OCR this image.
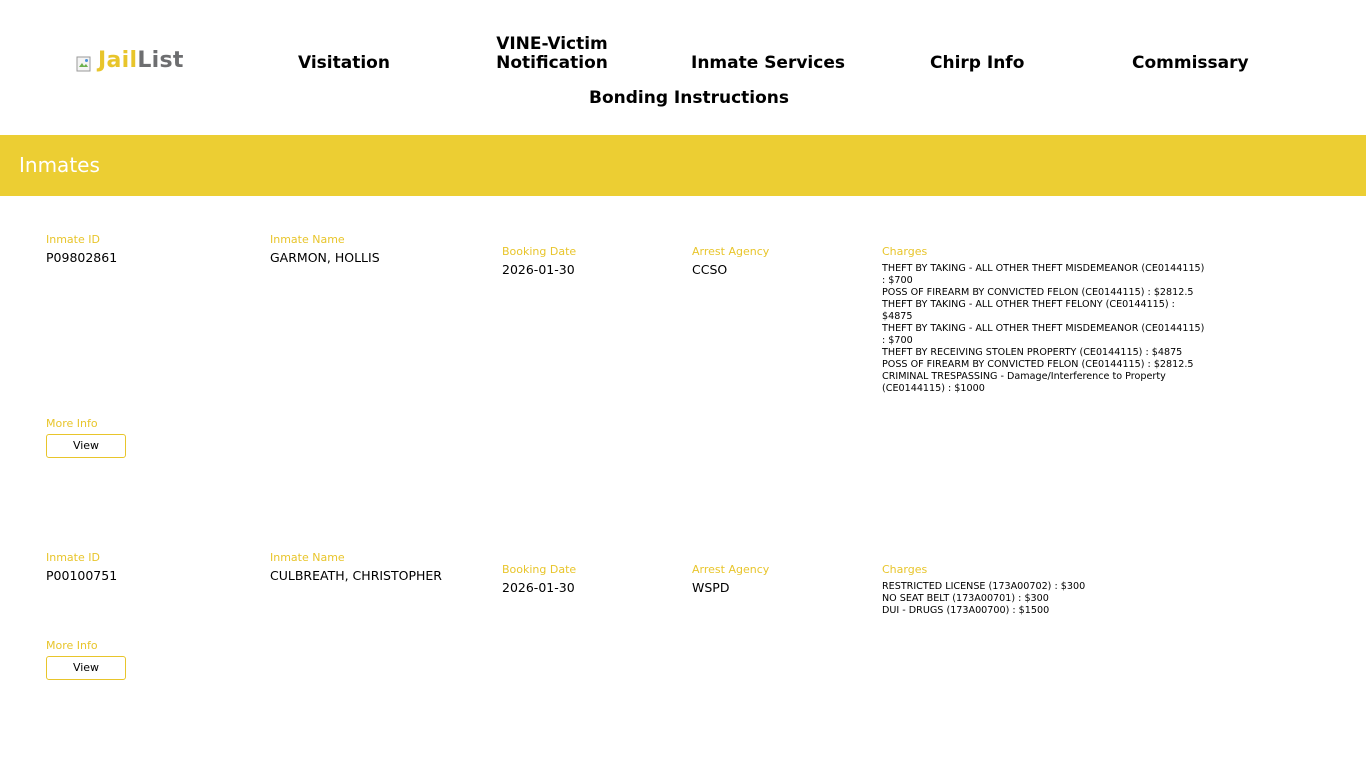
JailList	Visitation
VINE-Victim
Notification	Inmate Services	Chirp Info	Commissary
Bonding Instructions
Inmates
Inmate ID
P09802861
Inmate Name
GARMON, HOLLIS	Booking Date
2026-01-30
Arrest Agency
CCSO
Charges
THEFT BY TAKING - ALL OTHER THEFT MISDEMEANOR (CE0144115)
: $700
POSS OF FIREARM BY CONVICTED FELON (CE0144115) : $2812.5
THEFT BY TAKING - ALL OTHER THEFT FELONY (CE0144115) :
$4875
THEFT BY TAKING - ALL OTHER THEFT MISDEMEANOR (CE0144115)
: $700
THEFT BY RECEIVING STOLEN PROPERTY (CE0144115) : $4875
POSS OF FIREARM BY CONVICTED FELON (CE0144115) : $2812.5
CRIMINAL TRESPASSING - Damage/Interference to Property
(CE0144115) : $1000
More Info
View
Inmate ID
P00100751
Inmate Name
CULBREATH, CHRISTOPHER	Booking Date
2026-01-30
Arrest Agency
WSPD
Charges
RESTRICTED LICENSE (173A00702) : $300
NO SEAT BELT (173A00701) : $300
DUI - DRUGS (173A00700) : $1500
More Info
View
